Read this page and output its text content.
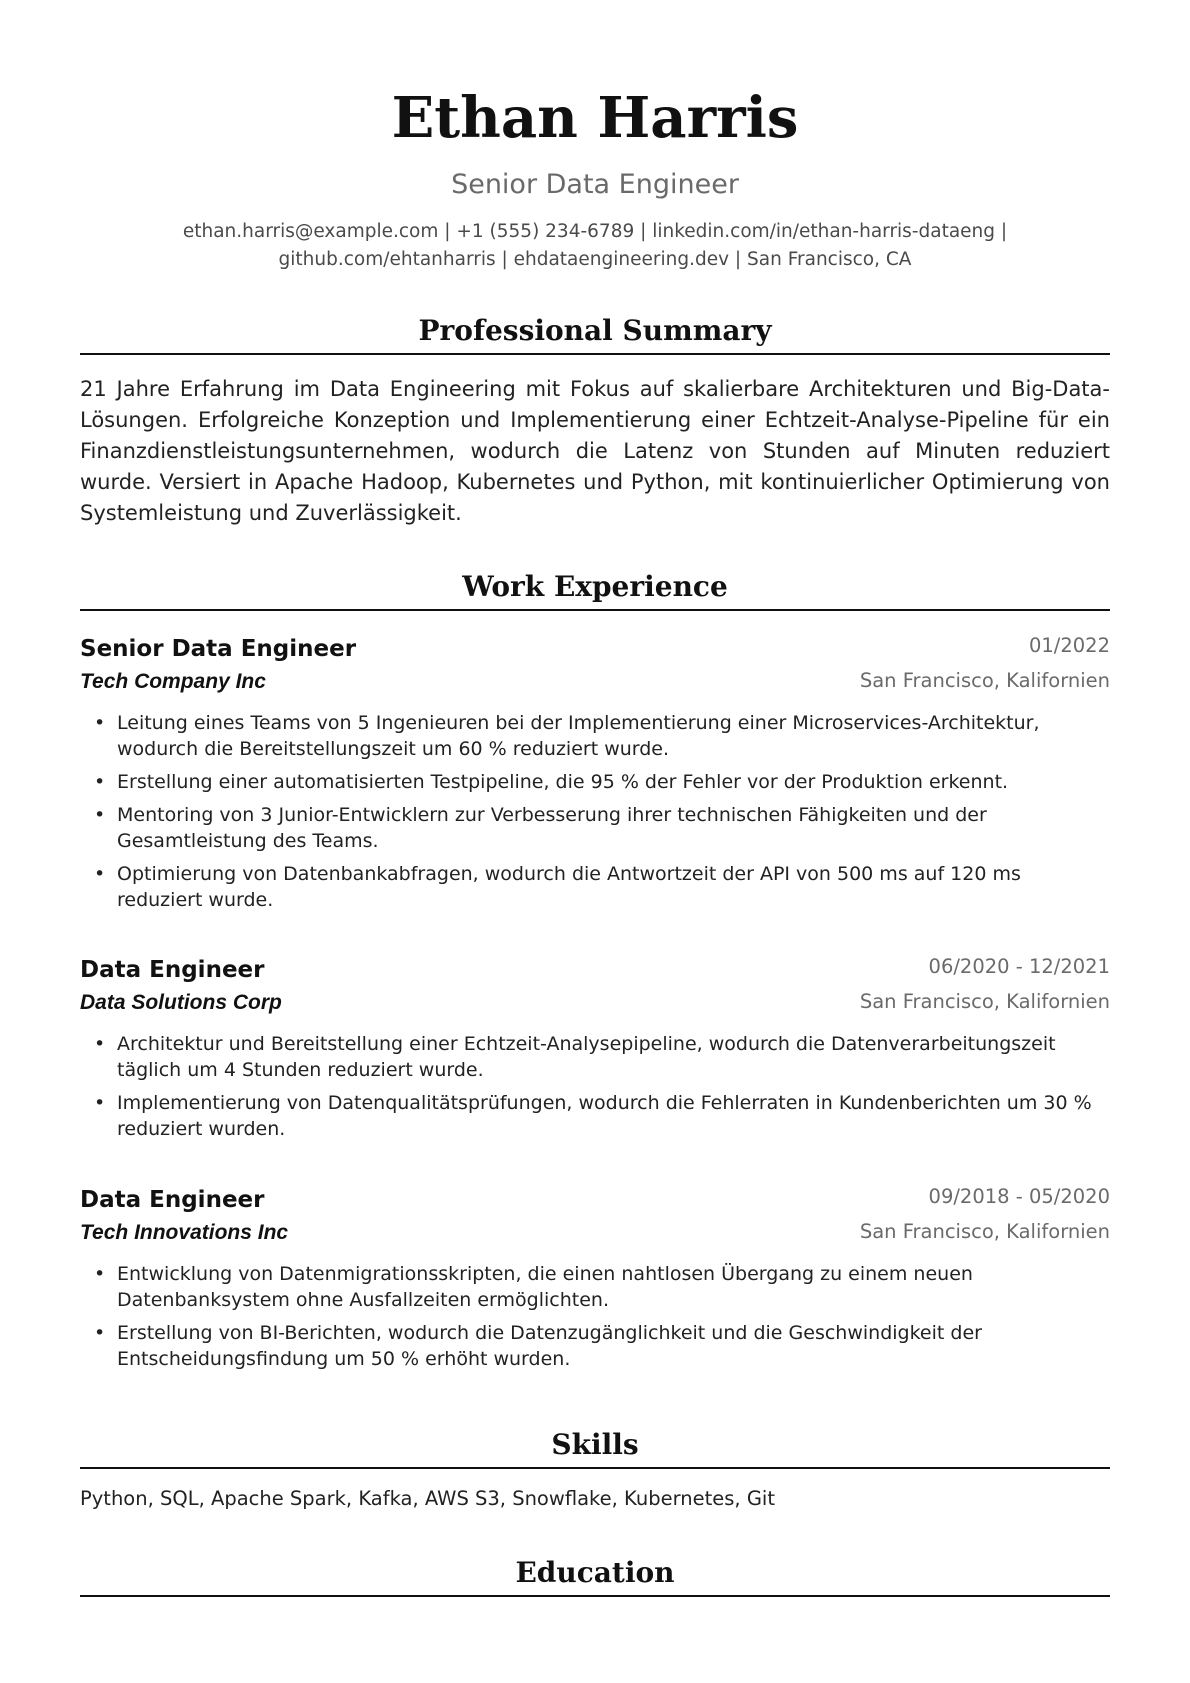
Ethan Harris
Senior Data Engineer
ethan.harris@example.com | +1 (555) 234-6789 | linkedin.com/in/ethan-harris-dataeng |
github.com/ehtanharris | ehdataengineering.dev | San Francisco, CA
Professional Summary
21 Jahre Erfahrung im Data Engineering mit Fokus auf skalierbare Architekturen und Big-Data-Lösungen. Erfolgreiche Konzeption und Implementierung einer Echtzeit-Analyse-Pipeline für ein Finanzdienstleistungsunternehmen, wodurch die Latenz von Stunden auf Minuten reduziert wurde. Versiert in Apache Hadoop, Kubernetes und Python, mit kontinuierlicher Optimierung von Systemleistung und Zuverlässigkeit.
Work Experience
Senior Data Engineer	01/2022
Tech Company Inc	San Francisco, Kalifornien
• Leitung eines Teams von 5 Ingenieuren bei der Implementierung einer Microservices-Architektur, wodurch die Bereitstellungszeit um 60 % reduziert wurde.
• Erstellung einer automatisierten Testpipeline, die 95 % der Fehler vor der Produktion erkennt.
• Mentoring von 3 Junior-Entwicklern zur Verbesserung ihrer technischen Fähigkeiten und der Gesamtleistung des Teams.
• Optimierung von Datenbankabfragen, wodurch die Antwortzeit der API von 500 ms auf 120 ms reduziert wurde.
Data Engineer	06/2020 - 12/2021
Data Solutions Corp	San Francisco, Kalifornien
• Architektur und Bereitstellung einer Echtzeit-Analysepipeline, wodurch die Datenverarbeitungszeit täglich um 4 Stunden reduziert wurde.
• Implementierung von Datenqualitätsprüfungen, wodurch die Fehlerraten in Kundenberichten um 30 % reduziert wurden.
Data Engineer	09/2018 - 05/2020
Tech Innovations Inc	San Francisco, Kalifornien
• Entwicklung von Datenmigrationsskripten, die einen nahtlosen Übergang zu einem neuen Datenbanksystem ohne Ausfallzeiten ermöglichten.
• Erstellung von BI-Berichten, wodurch die Datenzugänglichkeit und die Geschwindigkeit der Entscheidungsfindung um 50 % erhöht wurden.
Skills
Python, SQL, Apache Spark, Kafka, AWS S3, Snowflake, Kubernetes, Git
Education
